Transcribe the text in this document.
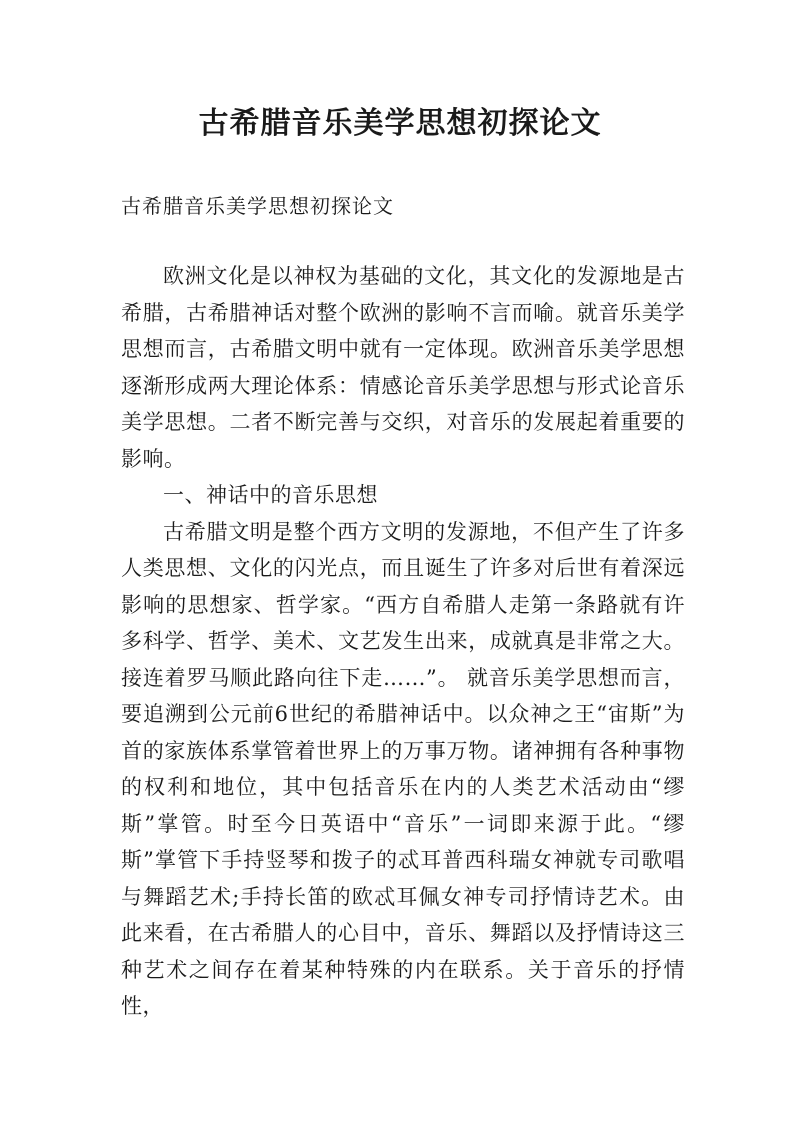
古希腊音乐美学思想初探论文
古希腊音乐美学思想初探论文

欧洲文化是以神权为基础的文化，其文化的发源地是古希腊，古希腊神话对整个欧洲的影响不言而喻。就音乐美学思想而言，古希腊文明中就有一定体现。欧洲音乐美学思想逐渐形成两大理论体系：情感论音乐美学思想与形式论音乐美学思想。二者不断完善与交织，对音乐的发展起着重要的影响。

一、神话中的音乐思想

古希腊文明是整个西方文明的发源地，不但产生了许多人类思想、文化的闪光点，而且诞生了许多对后世有着深远影响的思想家、哲学家。“西方自希腊人走第一条路就有许多科学、哲学、美术、文艺发生出来，成就真是非常之大。接连着罗马顺此路向往下走……”。 就音乐美学思想而言，要追溯到公元前6世纪的希腊神话中。以众神之王“宙斯”为首的家族体系掌管着世界上的万事万物。诸神拥有各种事物的权利和地位，其中包括音乐在内的人类艺术活动由“缪斯”掌管。时至今日英语中“音乐”一词即来源于此。“缪斯”掌管下手持竖琴和拨子的忒耳普西科瑞女神就专司歌唱与舞蹈艺术;手持长笛的欧忒耳佩女神专司抒情诗艺术。由此来看，在古希腊人的心目中，音乐、舞蹈以及抒情诗这三种艺术之间存在着某种特殊的内在联系。关于音乐的抒情性，
